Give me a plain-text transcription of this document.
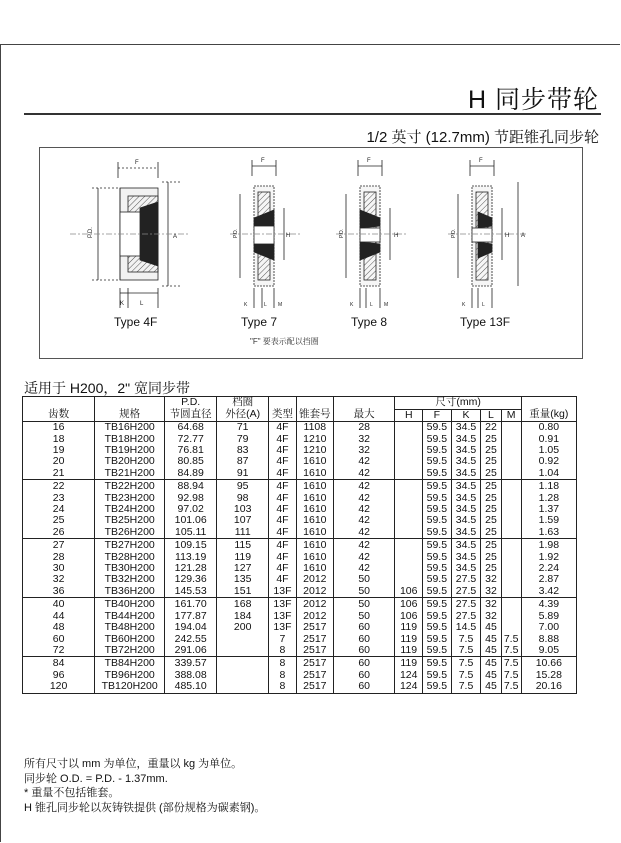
H 同步带轮
1/2 英寸 (12.7mm) 节距锥孔同步轮
F
P.D.	A
K	L
F
P.D.	H
K	L M
F
P.D.	H
K	L M
F
P.D.	H A
K	L
Type 4F	Type 7	Type 8	Type 13F
"F" 要表示配以挡圈
适用于 H200，2" 宽同步带
		P.D.	档圈				尺寸(mm)					
齿数	规格	节圆直径	外径(A)	类型	锥套号	最大	H	F	K	L	M	重量(kg)
16	TB16H200	64.68	71	4F	1108	28		59.5	34.5	22		0.80
18	TB18H200	72.77	79	4F	1210	32		59.5	34.5	25		0.91
19	TB19H200	76.81	83	4F	1210	32		59.5	34.5	25		1.05
20	TB20H200	80.85	87	4F	1610	42		59.5	34.5	25		0.92
21	TB21H200	84.89	91	4F	1610	42		59.5	34.5	25		1.04
22	TB22H200	88.94	95	4F	1610	42		59.5	34.5	25		1.18
23	TB23H200	92.98	98	4F	1610	42		59.5	34.5	25		1.28
24	TB24H200	97.02	103	4F	1610	42		59.5	34.5	25		1.37
25	TB25H200	101.06	107	4F	1610	42		59.5	34.5	25		1.59
26	TB26H200	105.11	111	4F	1610	42		59.5	34.5	25		1.63
27	TB27H200	109.15	115	4F	1610	42		59.5	34.5	25		1.98
28	TB28H200	113.19	119	4F	1610	42		59.5	34.5	25		1.92
30	TB30H200	121.28	127	4F	1610	42		59.5	34.5	25		2.24
32	TB32H200	129.36	135	4F	2012	50		59.5	27.5	32		2.87
36	TB36H200	145.53	151	13F	2012	50	106	59.5	27.5	32		3.42
40	TB40H200	161.70	168	13F	2012	50	106	59.5	27.5	32		4.39
44	TB44H200	177.87	184	13F	2012	50	106	59.5	27.5	32		5.89
48	TB48H200	194.04	200	13F	2517	60	119	59.5	14.5	45		7.00
60	TB60H200	242.55		7	2517	60	119	59.5	7.5	45	7.5	8.88
72	TB72H200	291.06		8	2517	60	119	59.5	7.5	45	7.5	9.05
84	TB84H200	339.57		8	2517	60	119	59.5	7.5	45	7.5	10.66
96	TB96H200	388.08		8	2517	60	124	59.5	7.5	45	7.5	15.28
120	TB120H200	485.10		8	2517	60	124	59.5	7.5	45	7.5	20.16
所有尺寸以 mm 为单位，重量以 kg 为单位。
同步轮 O.D. = P.D. - 1.37mm.
* 重量不包括锥套。
H 锥孔同步轮以灰铸铁提供 (部份规格为碳素钢)。
